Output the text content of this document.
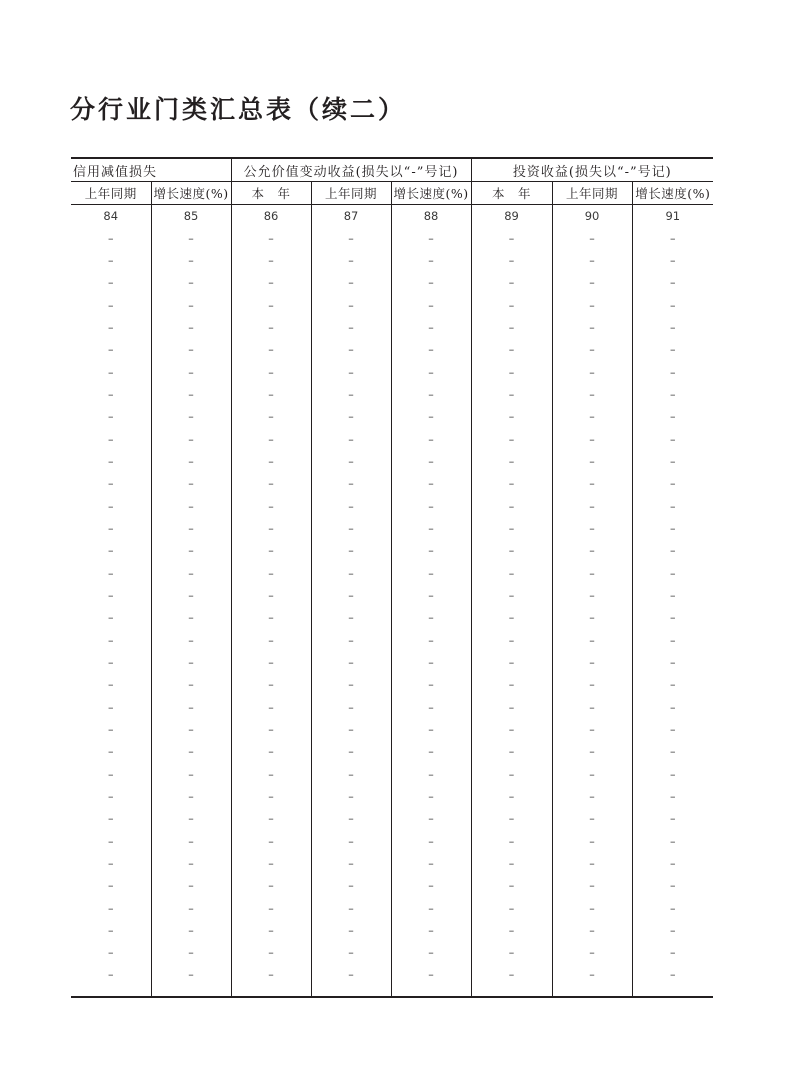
分行业门类汇总表（续二）
信用减值损失		公允价值变动收益(损失以“-”号记)			投资收益(损失以“-”号记)		
上年同期	增长速度(%)	本　年	上年同期	增长速度(%)	本　年	上年同期	增长速度(%)
84	85	86	87	88	89	90	91
–	–	–	–	–	–	–	–
–	–	–	–	–	–	–	–
–	–	–	–	–	–	–	–
–	–	–	–	–	–	–	–
–	–	–	–	–	–	–	–
–	–	–	–	–	–	–	–
–	–	–	–	–	–	–	–
–	–	–	–	–	–	–	–
–	–	–	–	–	–	–	–
–	–	–	–	–	–	–	–
–	–	–	–	–	–	–	–
–	–	–	–	–	–	–	–
–	–	–	–	–	–	–	–
–	–	–	–	–	–	–	–
–	–	–	–	–	–	–	–
–	–	–	–	–	–	–	–
–	–	–	–	–	–	–	–
–	–	–	–	–	–	–	–
–	–	–	–	–	–	–	–
–	–	–	–	–	–	–	–
–	–	–	–	–	–	–	–
–	–	–	–	–	–	–	–
–	–	–	–	–	–	–	–
–	–	–	–	–	–	–	–
–	–	–	–	–	–	–	–
–	–	–	–	–	–	–	–
–	–	–	–	–	–	–	–
–	–	–	–	–	–	–	–
–	–	–	–	–	–	–	–
–	–	–	–	–	–	–	–
–	–	–	–	–	–	–	–
–	–	–	–	–	–	–	–
–	–	–	–	–	–	–	–
–	–	–	–	–	–	–	–
